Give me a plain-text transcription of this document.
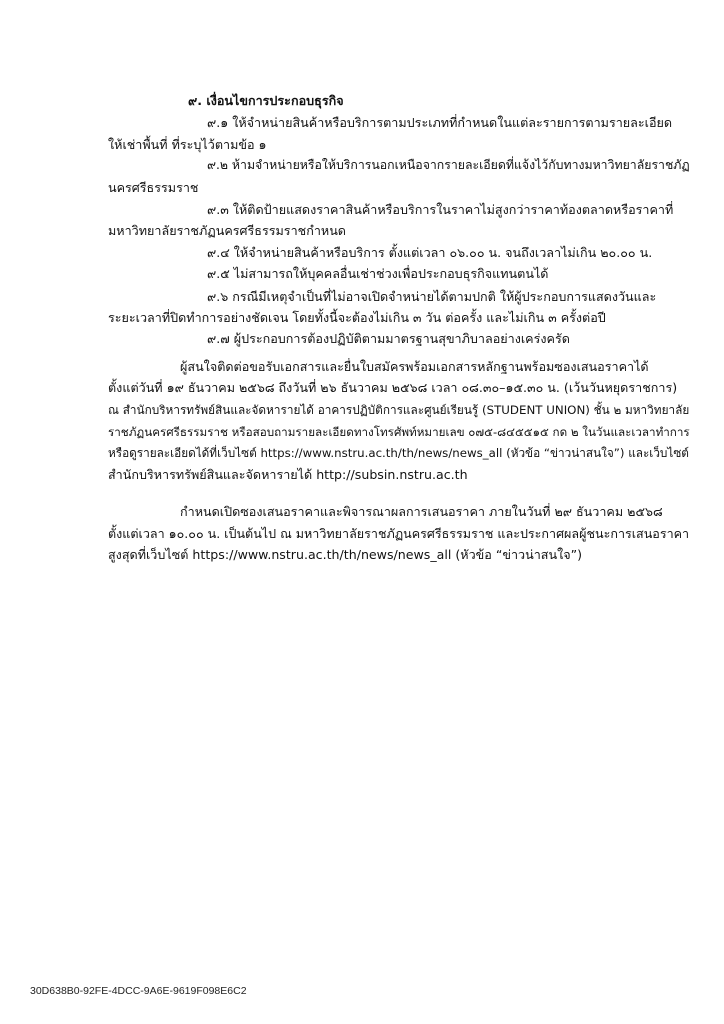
๙. เงื่อนไขการประกอบธุรกิจ
๙.๑ ให้จำหน่ายสินค้าหรือบริการตามประเภทที่กำหนดในแต่ละรายการตามรายละเอียด
ให้เช่าพื้นที่ ที่ระบุไว้ตามข้อ ๑
๙.๒ ห้ามจำหน่ายหรือให้บริการนอกเหนือจากรายละเอียดที่แจ้งไว้กับทางมหาวิทยาลัยราชภัฏ
นครศรีธรรมราช
๙.๓ ให้ติดป้ายแสดงราคาสินค้าหรือบริการในราคาไม่สูงกว่าราคาท้องตลาดหรือราคาที่
มหาวิทยาลัยราชภัฏนครศรีธรรมราชกำหนด
๙.๔ ให้จำหน่ายสินค้าหรือบริการ ตั้งแต่เวลา ๐๖.๐๐ น. จนถึงเวลาไม่เกิน ๒๐.๐๐ น.
๙.๕ ไม่สามารถให้บุคคลอื่นเช่าช่วงเพื่อประกอบธุรกิจแทนตนได้
๙.๖ กรณีมีเหตุจำเป็นที่ไม่อาจเปิดจำหน่ายได้ตามปกติ ให้ผู้ประกอบการแสดงวันและ
ระยะเวลาที่ปิดทำการอย่างชัดเจน โดยทั้งนี้จะต้องไม่เกิน ๓ วัน ต่อครั้ง และไม่เกิน ๓ ครั้งต่อปี
๙.๗ ผู้ประกอบการต้องปฏิบัติตามมาตรฐานสุขาภิบาลอย่างเคร่งครัด
ผู้สนใจติดต่อขอรับเอกสารและยื่นใบสมัครพร้อมเอกสารหลักฐานพร้อมซองเสนอราคาได้
ตั้งแต่วันที่ ๑๙ ธันวาคม ๒๕๖๘ ถึงวันที่ ๒๖ ธันวาคม ๒๕๖๘ เวลา ๐๘.๓๐–๑๕.๓๐ น. (เว้นวันหยุดราชการ)
ณ สำนักบริหารทรัพย์สินและจัดหารายได้ อาคารปฏิบัติการและศูนย์เรียนรู้ (STUDENT UNION) ชั้น ๒ มหาวิทยาลัย
ราชภัฏนครศรีธรรมราช หรือสอบถามรายละเอียดทางโทรศัพท์หมายเลข ๐๗๕-๘๔๕๕๑๕ กด ๒ ในวันและเวลาทำการ
หรือดูรายละเอียดได้ที่เว็บไซต์ https://www.nstru.ac.th/th/news/news_all (หัวข้อ “ข่าวน่าสนใจ”) และเว็บไซต์
สำนักบริหารทรัพย์สินและจัดหารายได้ http://subsin.nstru.ac.th
กำหนดเปิดซองเสนอราคาและพิจารณาผลการเสนอราคา ภายในวันที่ ๒๙ ธันวาคม ๒๕๖๘
ตั้งแต่เวลา ๑๐.๐๐ น. เป็นต้นไป ณ มหาวิทยาลัยราชภัฏนครศรีธรรมราช และประกาศผลผู้ชนะการเสนอราคา
สูงสุดที่เว็บไซต์ https://www.nstru.ac.th/th/news/news_all (หัวข้อ “ข่าวน่าสนใจ”)
30D638B0-92FE-4DCC-9A6E-9619F098E6C2
